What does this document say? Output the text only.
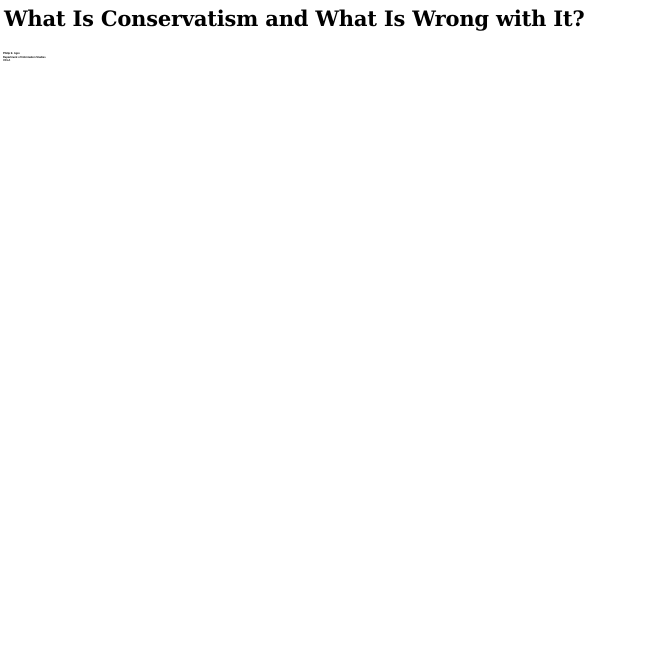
What Is Conservatism and What Is Wrong with It?
Philip E. Agre
Department of Information Studies
UCLA
